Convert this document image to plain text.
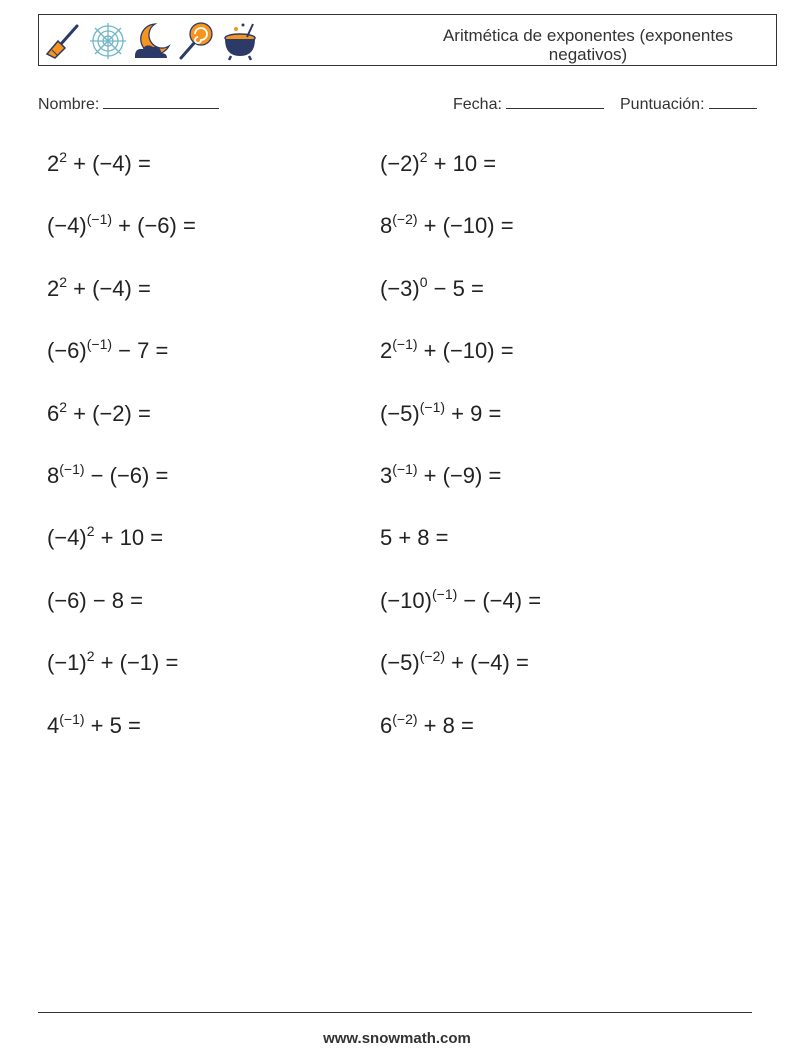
Aritmética de exponentes (exponentes negativos)
Nombre:	Fecha:	Puntuación:
$2^2 + (-4)$ =
$(-4)^{(-1)} + (-6)$ =
$2^2 + (-4)$ =
$(-6)^{(-1)} - 7$ =
$6^2 + (-2)$ =
$8^{(-1)} - (-6)$ =
$(-4)^2 + 10$ =
(−6) − 8 =
$(-1)^2 + (-1)$ =
$4^{(-1)} + 5$ =
$(-2)^2 + 10$ =
$8^{(-2)} + (-10)$ =
$(-3)^0 - 5$ =
$2^{(-1)} + (-10)$ =
$(-5)^{(-1)} + 9$ =
$3^{(-1)} + (-9)$ =
5 + 8 =
$(-10)^{(-1)} - (-4)$ =
$(-5)^{(-2)} + (-4)$ =
$6^{(-2)} + 8$ =
www.snowmath.com
